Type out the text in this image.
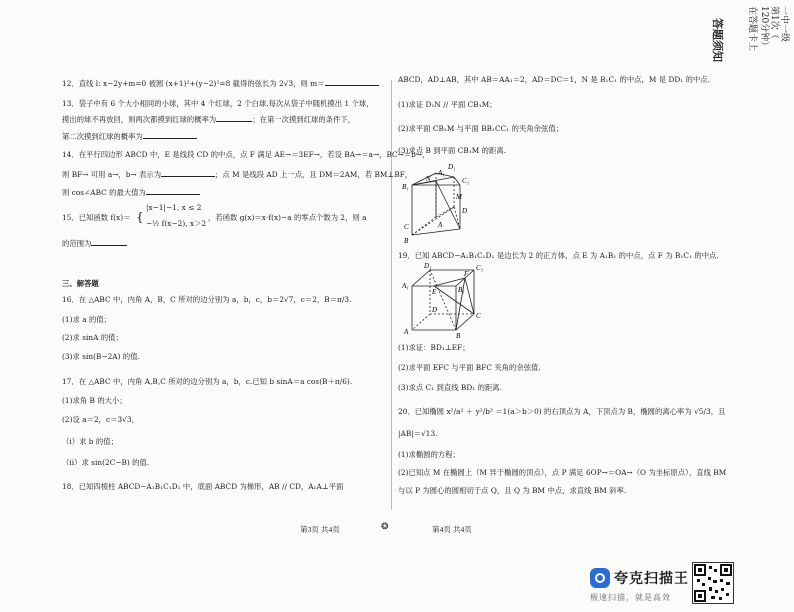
一中一级
第1次（
120分钟）
在答题卡上
答题须知
12．直线 l: x−2y+m=0 被圆 (x+1)²+(y−2)²=8 截得的弦长为 2√3，则 m＝
13．袋子中有 6 个大小相同的小球，其中 4 个红球，2 个白球.每次从袋子中随机摸出 1 个球，
摸出的球不再放回，则两次都摸到红球的概率为	；在第一次摸到红球的条件下，
第二次摸到红球的概率为
14．在平行四边形 ABCD 中，E 是线段 CD 的中点，点 F 满足 AE→＝3EF→，若设 BA→＝a→，BC→＝b→，
则 BF→ 可用 a→，b→ 表示为	；点 M 是线段 AD 上一点，且 DM＝2AM，若 BM⊥BF，
则 cos∠ABC 的最大值为
15．已知函数 f(x)＝ {
|x−1|−1, x ≤ 2
−½ f(x−2), x＞2
，若函数 g(x)＝x·f(x)−a 的零点个数为 2，则 a
的范围为
三、解答题
16．在 △ABC 中，内角 A，B，C 所对的边分别为 a，b，c，b＝2√7，c＝2，B＝π/3.
(1)求 a 的值；
(2)求 sinA 的值；
(3)求 sin(B−2A) 的值.
17．在 △ABC 中，内角 A,B,C 所对的边分别为 a，b，c.已知 b sinA＝a cos(B＋π/6).
(1)求角 B 的大小；
(2)设 a＝2，c＝3√3，
（i）求 b 的值；
（ii）求 sin(2C−B) 的值.
18．已知四棱柱 ABCD−A₁B₁C₁D₁ 中，底面 ABCD 为梯形，AB // CD，A₁A⊥平面
ABCD，AD⊥AB，其中 AB＝AA₁＝2，AD＝DC＝1，N 是 B₁C₁ 的中点，M 是 DD₁ 的中点.
(1)求证 D₁N // 平面 CB₁M；
(2)求平面 CB₁M 与平面 BB₁CC₁ 的夹角余弦值；
(3)求点 B 到平面 CB₁M 的距离.
D₁
C₁
N
B₁
A₁
M
D
C	A
B
19．已知 ABCD−A₁B₁C₁D₁ 是边长为 2 的正方体，点 E 为 A₁B₁ 的中点，点 F 为 B₁C₁ 的中点.
D₁
F
C₁
A₁
E	B₁
D
C
A	B
(1)求证：BD₁⊥EF；
(2)求平面 EFC 与平面 BFC 夹角的余弦值.
(3)求点 C₁ 到直线 BD₁ 的距离.
20．已知椭圆 x²/a² ＋ y²/b² ＝1(a＞b＞0) 的右顶点为 A，下顶点为 B，椭圆的离心率为 √5/3，且
|AB|＝√13.
(1)求椭圆的方程；
(2)已知点 M 在椭圆上（M 异于椭圆的顶点），点 P 满足 6OP→＝OA→（O 为坐标原点），直线 BM
与以 P 为圆心的圆相切于点 Q，且 Q 为 BM 中点，求直线 BM 斜率.
第3页 共4页	❂	第4页 共4页
夸克扫描王
极速扫描，就是高效
